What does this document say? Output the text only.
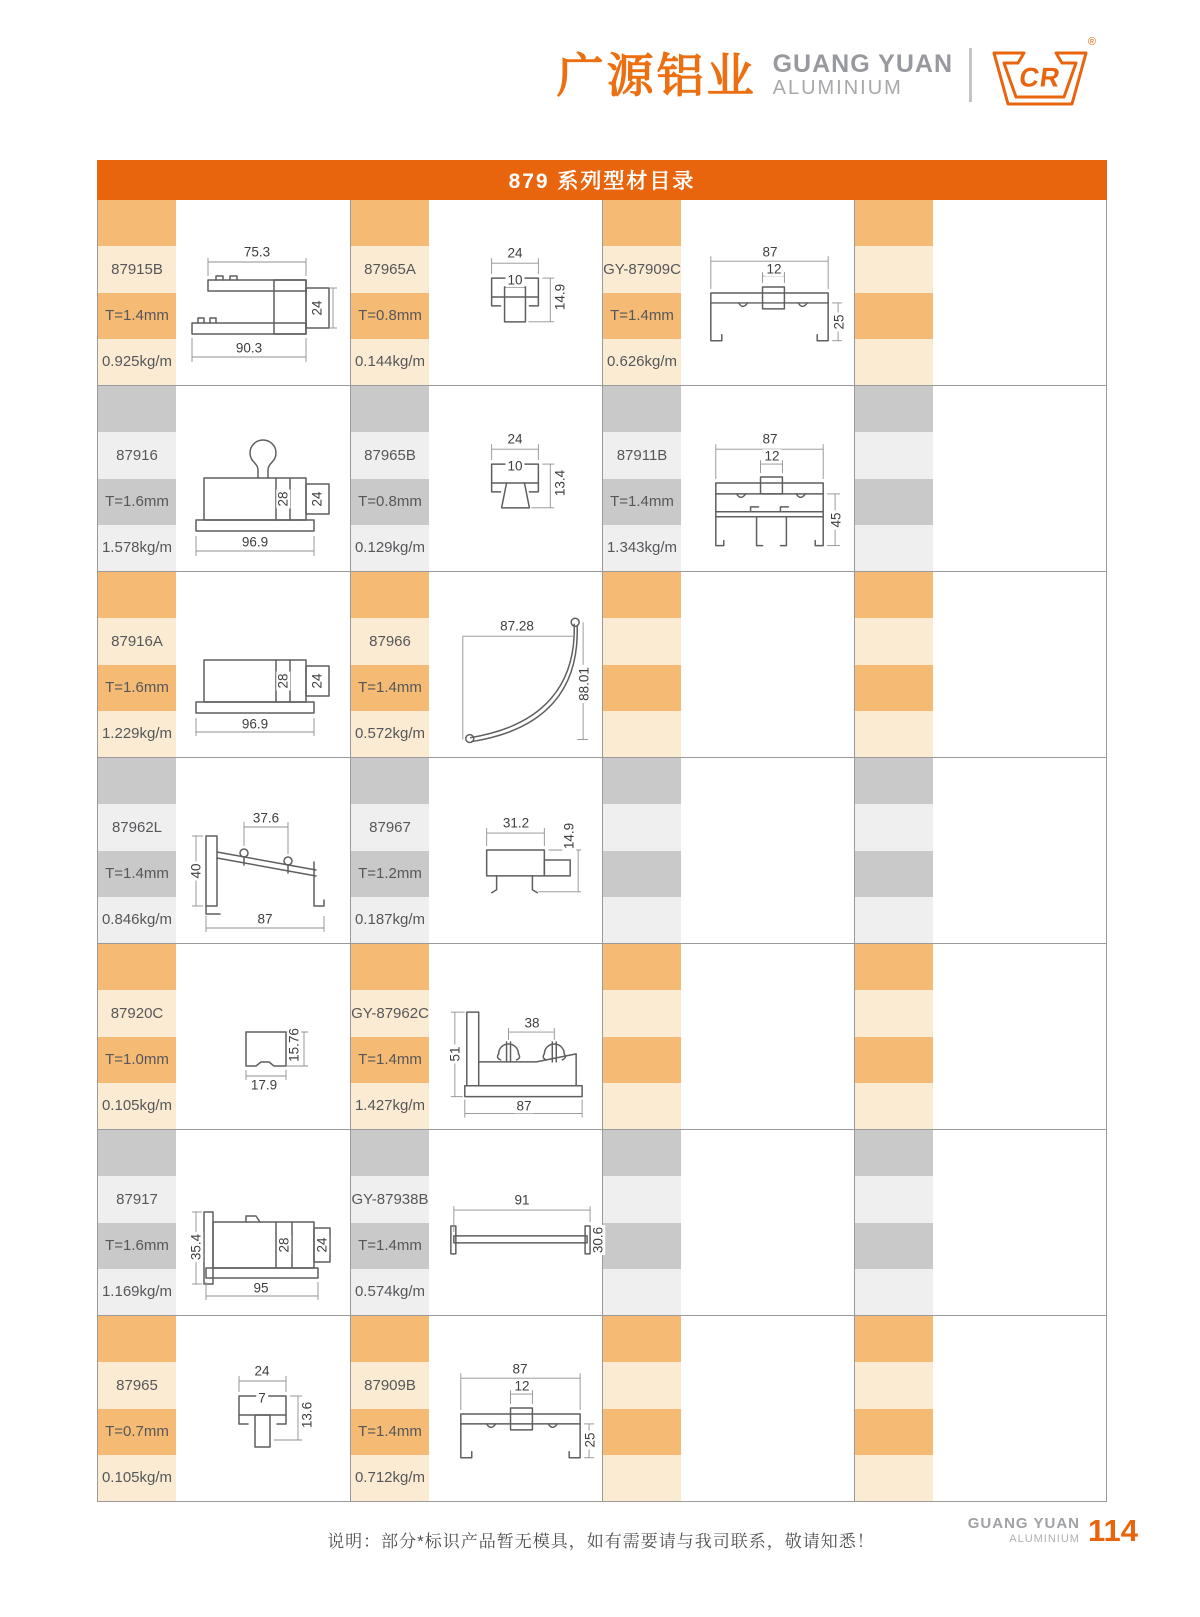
广源铝业 GUANG YUAN
ALUMINIUM	CR
®
879 系列型材目录
87915B
T=1.4mm
0.925kg/m
75.3
90.3
24
87965A
T=0.8mm
0.144kg/m
24
10
14.9
GY-87909C
T=1.4mm
0.626kg/m
87
12
25
87916
T=1.6mm
1.578kg/m
28 24
96.9
87965B
T=0.8mm
0.129kg/m
24
10
13.4
87911B
T=1.4mm
1.343kg/m
87
12
45
87916A
T=1.6mm
1.229kg/m
28 24
96.9
87966
T=1.4mm
0.572kg/m
87.28
88.01
87962L
T=1.4mm
0.846kg/m
37.6
40
87
87967
T=1.2mm
0.187kg/m
31.2
14.9
87920C
T=1.0mm
0.105kg/m
15.76
17.9
GY-87962C
T=1.4mm
1.427kg/m
38
51
87
87917
T=1.6mm
1.169kg/m
35.4	28 24
95
GY-87938B
T=1.4mm
0.574kg/m
91
30.6
87965
T=0.7mm
0.105kg/m
24
7
13.6
87909B
T=1.4mm
0.712kg/m
87
12
25
说明：部分*标识产品暂无模具，如有需要请与我司联系，敬请知悉！
GUANG YUAN
ALUMINIUM 114
